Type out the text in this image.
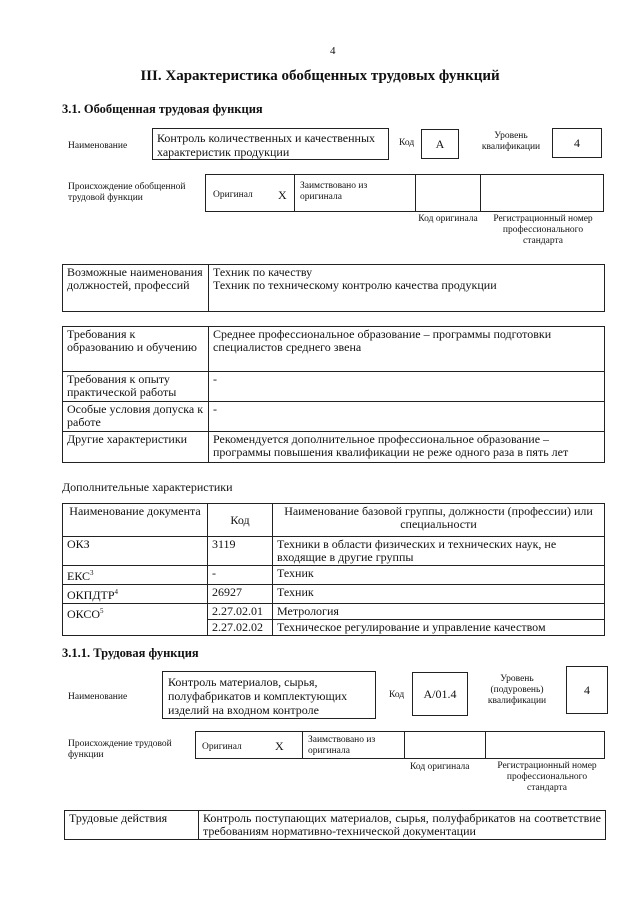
4
III. Характеристика обобщенных трудовых функций
3.1. Обобщенная трудовая функция
Наименование
Контроль количественных и качественных характеристик продукции
Код	А
Уровень квалификации	4
Происхождение обобщенной трудовой функции	Оригинал X
Заимствовано из оригинала
Код оригинала	Регистрационный номер профессионального стандарта
Возможные наименования должностей, профессий	
Техник по качеству
Техник по техническому контролю качества продукции
Требования к образованию и обучению	Среднее профессиональное образование – программы подготовки специалистов среднего звена
Требования к опыту практической работы	-
Особые условия допуска к работе	-
Другие характеристики	Рекомендуется дополнительное профессиональное образование – программы повышения квалификации не реже одного раза в пять лет
Дополнительные характеристики
Наименование документа	Код	Наименование базовой группы, должности (профессии) или специальности
ОКЗ	3119	Техники в области физических и технических наук, не входящие в другие группы
ЕКС$^3$	-	Техник
ОКПДТР$^4$	26927	Техник
ОКСО$^5$	2.27.02.01	Метрология
	2.27.02.02	Техническое регулирование и управление качеством
3.1.1. Трудовая функция
Наименование
Контроль материалов, сырья, полуфабрикатов и комплектующих изделий на входном контроле
Код	А/01.4
Уровень (подуровень) квалификации
4
Происхождение трудовой функции
Оригинал	X	Заимствовано из оригинала
Код оригинала	Регистрационный номер профессионального стандарта
Трудовые действия	Контроль поступающих материалов, сырья, полуфабрикатов на соответствие требованиям нормативно-технической документации
